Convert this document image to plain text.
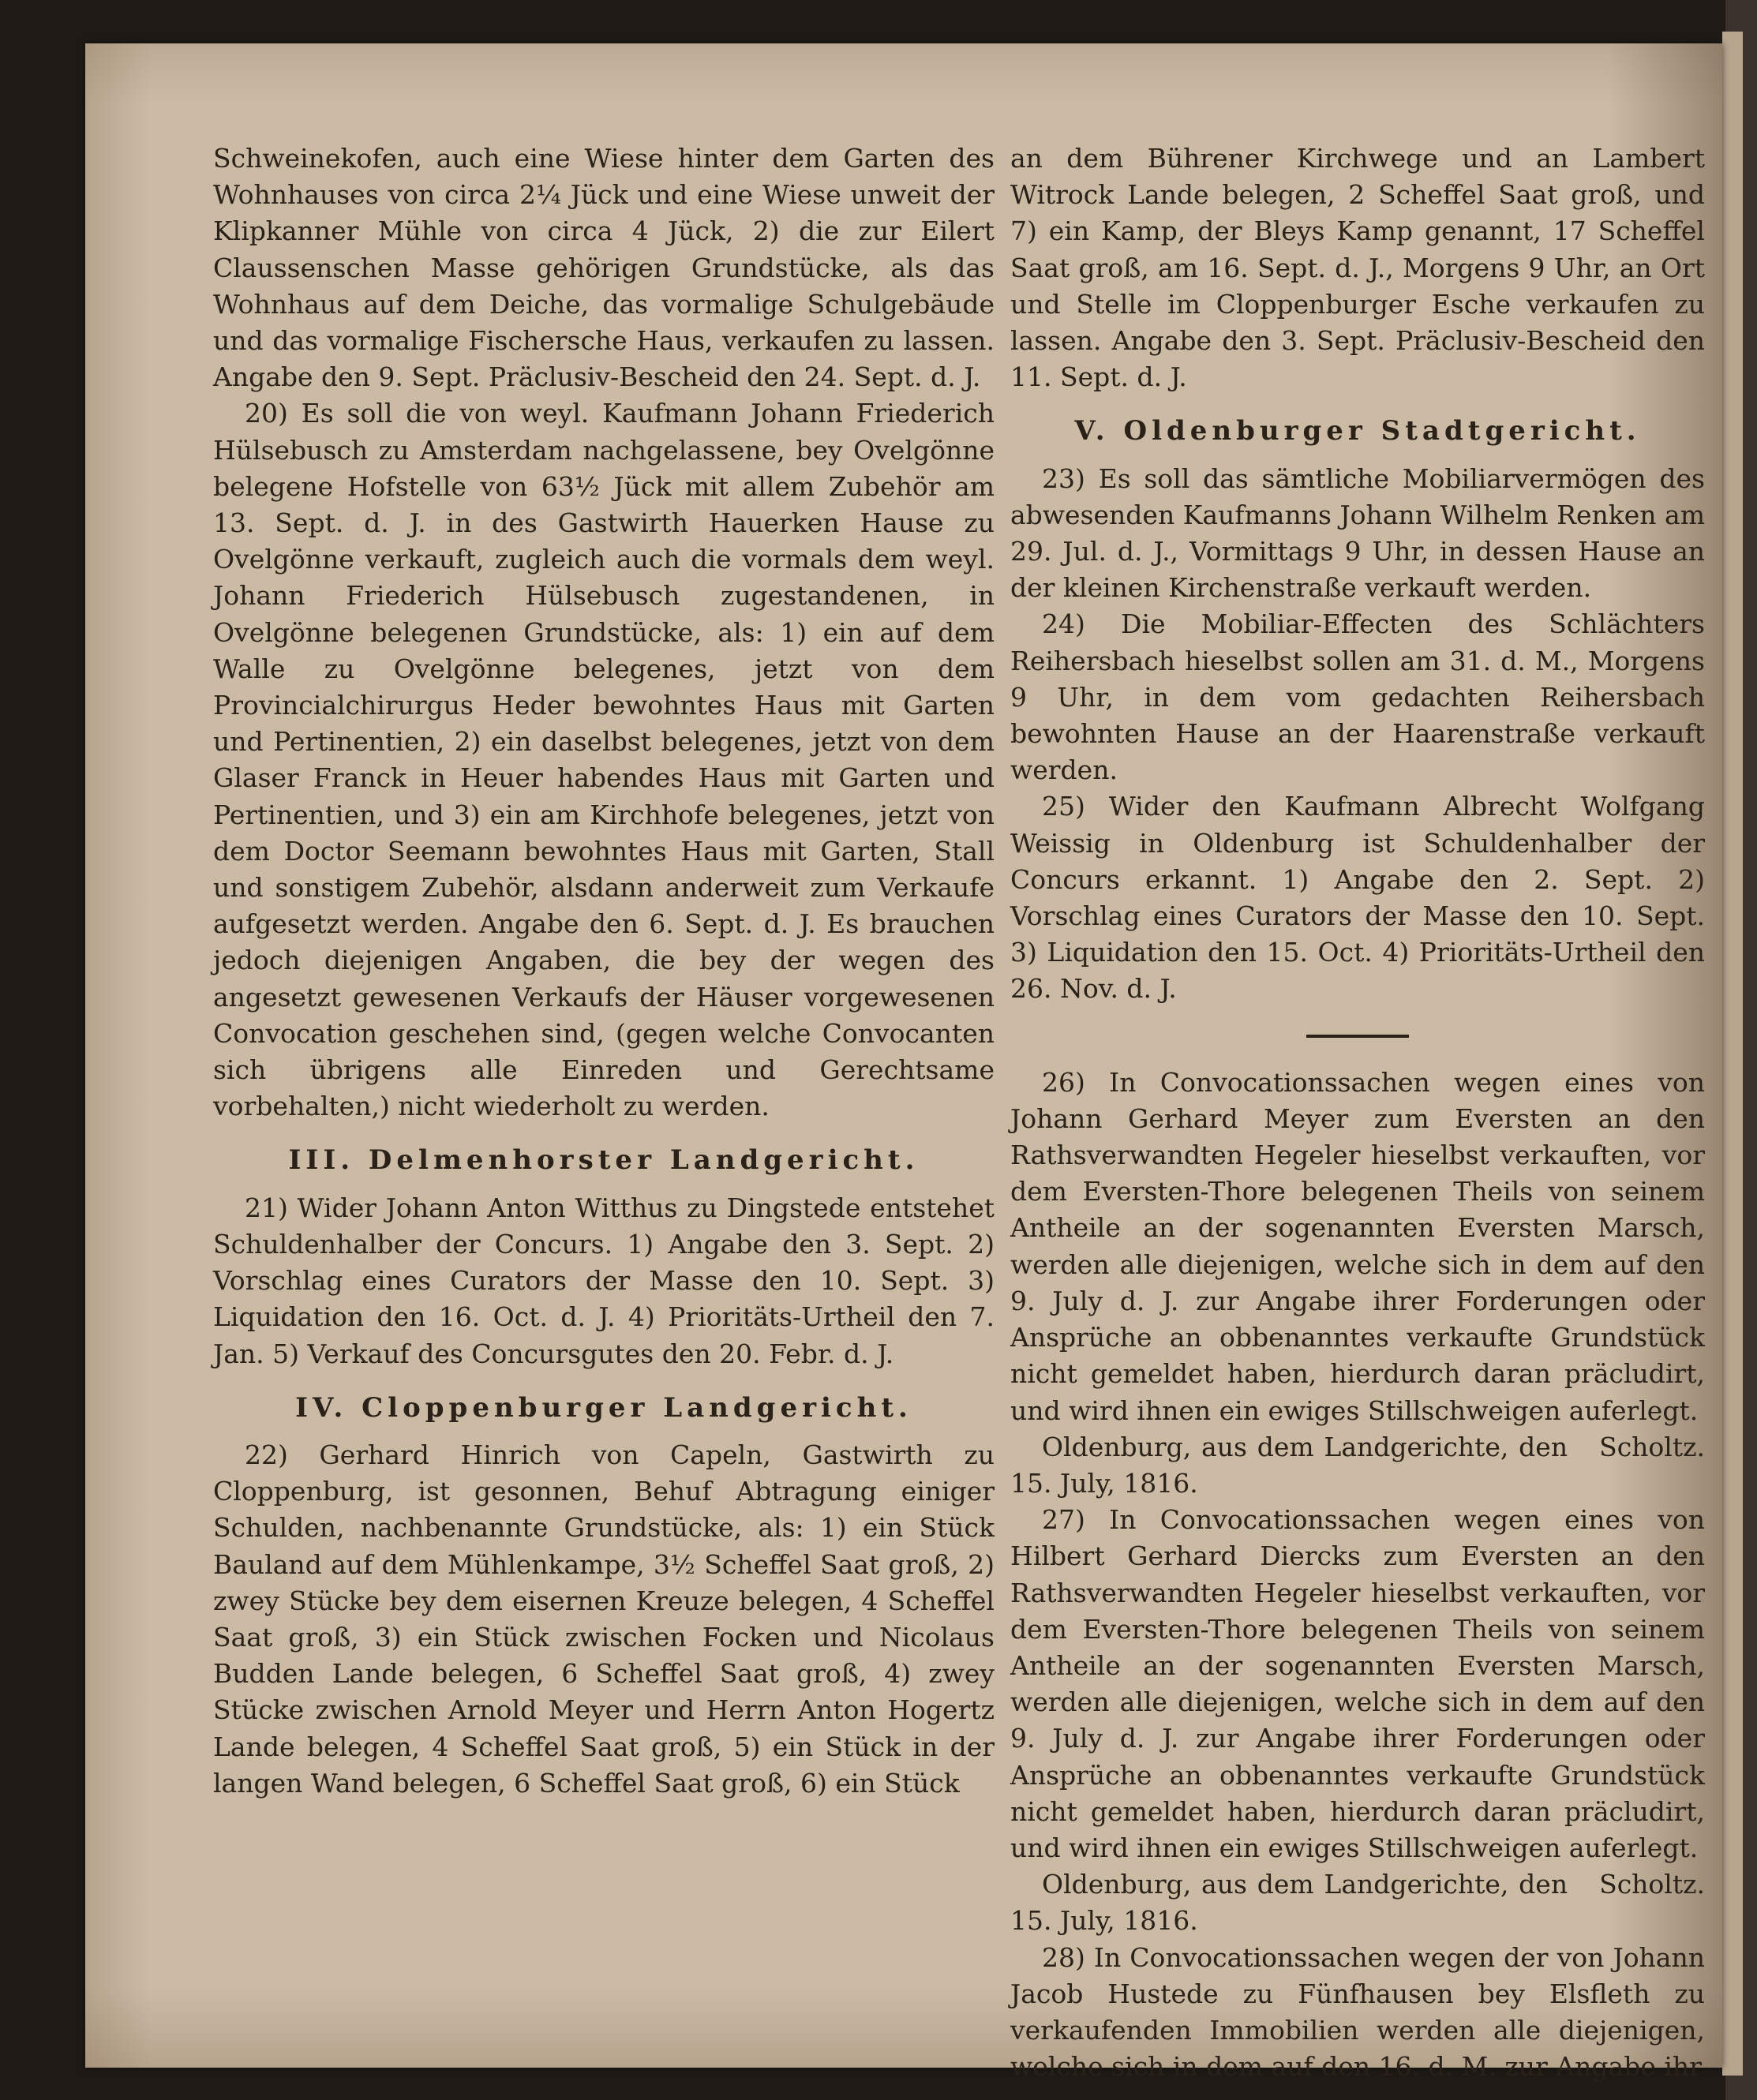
Schweinekofen, auch eine Wiese hinter dem Garten des Wohnhauses von circa 2¼ Jück und eine Wiese unweit der Klipkanner Mühle von circa 4 Jück, 2) die zur Eilert Claussenschen Masse gehörigen Grundstücke, als das Wohnhaus auf dem Deiche, das vormalige Schulgebäude und das vormalige Fischersche Haus, verkaufen zu lassen. Angabe den 9. Sept. Präclusiv-Bescheid den 24. Sept. d. J.

20) Es soll die von weyl. Kaufmann Johann Friederich Hülsebusch zu Amsterdam nachgelassene, bey Ovelgönne belegene Hofstelle von 63½ Jück mit allem Zubehör am 13. Sept. d. J. in des Gastwirth Hauerken Hause zu Ovelgönne verkauft, zugleich auch die vormals dem weyl. Johann Friederich Hülsebusch zugestandenen, in Ovelgönne belegenen Grundstücke, als: 1) ein auf dem Walle zu Ovelgönne belegenes, jetzt von dem Provincialchirurgus Heder bewohntes Haus mit Garten und Pertinentien, 2) ein daselbst belegenes, jetzt von dem Glaser Franck in Heuer habendes Haus mit Garten und Pertinentien, und 3) ein am Kirchhofe belegenes, jetzt von dem Doctor Seemann bewohntes Haus mit Garten, Stall und sonstigem Zubehör, alsdann anderweit zum Verkaufe aufgesetzt werden. Angabe den 6. Sept. d. J. Es brauchen jedoch diejenigen Angaben, die bey der wegen des angesetzt gewesenen Verkaufs der Häuser vorgewesenen Convocation geschehen sind, (gegen welche Convocanten sich übrigens alle Einreden und Gerechtsame vorbehalten,) nicht wiederholt zu werden.

III. Delmenhorster Landgericht.

21) Wider Johann Anton Witthus zu Dingstede entstehet Schuldenhalber der Concurs. 1) Angabe den 3. Sept. 2) Vorschlag eines Curators der Masse den 10. Sept. 3) Liquidation den 16. Oct. d. J. 4) Prioritäts-Urtheil den 7. Jan. 5) Verkauf des Concursgutes den 20. Febr. d. J.

IV. Cloppenburger Landgericht.

22) Gerhard Hinrich von Capeln, Gastwirth zu Cloppenburg, ist gesonnen, Behuf Abtragung einiger Schulden, nachbenannte Grundstücke, als: 1) ein Stück Bauland auf dem Mühlenkampe, 3½ Scheffel Saat groß, 2) zwey Stücke bey dem eisernen Kreuze belegen, 4 Scheffel Saat groß, 3) ein Stück zwischen Focken und Nicolaus Budden Lande belegen, 6 Scheffel Saat groß, 4) zwey Stücke zwischen Arnold Meyer und Herrn Anton Hogertz Lande belegen, 4 Scheffel Saat groß, 5) ein Stück in der langen Wand belegen, 6 Scheffel Saat groß, 6) ein Stück

an dem Bührener Kirchwege und an Lambert Witrock Lande belegen, 2 Scheffel Saat groß, und 7) ein Kamp, der Bleys Kamp genannt, 17 Scheffel Saat groß, am 16. Sept. d. J., Morgens 9 Uhr, an Ort und Stelle im Cloppenburger Esche verkaufen zu lassen. Angabe den 3. Sept. Präclusiv-Bescheid den 11. Sept. d. J.

V. Oldenburger Stadtgericht.

23) Es soll das sämtliche Mobiliarvermögen des abwesenden Kaufmanns Johann Wilhelm Renken am 29. Jul. d. J., Vormittags 9 Uhr, in dessen Hause an der kleinen Kirchenstraße verkauft werden.

24) Die Mobiliar-Effecten des Schlächters Reihersbach hieselbst sollen am 31. d. M., Morgens 9 Uhr, in dem vom gedachten Reihersbach bewohnten Hause an der Haarenstraße verkauft werden.

25) Wider den Kaufmann Albrecht Wolfgang Weissig in Oldenburg ist Schuldenhalber der Concurs erkannt. 1) Angabe den 2. Sept. 2) Vorschlag eines Curators der Masse den 10. Sept. 3) Liquidation den 15. Oct. 4) Prioritäts-Urtheil den 26. Nov. d. J.

26) In Convocationssachen wegen eines von Johann Gerhard Meyer zum Eversten an den Rathsverwandten Hegeler hieselbst verkauften, vor dem Eversten-Thore belegenen Theils von seinem Antheile an der sogenannten Eversten Marsch, werden alle diejenigen, welche sich in dem auf den 9. July d. J. zur Angabe ihrer Forderungen oder Ansprüche an obbenanntes verkaufte Grundstück nicht gemeldet haben, hierdurch daran präcludirt, und wird ihnen ein ewiges Stillschweigen auferlegt.

Oldenburg, aus dem Landgerichte, den 15. July, 1816.
Scholtz.

27) In Convocationssachen wegen eines von Hilbert Gerhard Diercks zum Eversten an den Rathsverwandten Hegeler hieselbst verkauften, vor dem Eversten-Thore belegenen Theils von seinem Antheile an der sogenannten Eversten Marsch, werden alle diejenigen, welche sich in dem auf den 9. July d. J. zur Angabe ihrer Forderungen oder Ansprüche an obbenanntes verkaufte Grundstück nicht gemeldet haben, hierdurch daran präcludirt, und wird ihnen ein ewiges Stillschweigen auferlegt.

Oldenburg, aus dem Landgerichte, den 15. July, 1816.
Scholtz.

28) In Convocationssachen wegen der von Johann Jacob Hustede zu Fünfhausen bey Elsfleth zu verkaufenden Immobilien werden alle diejenigen, welche sich in dem auf den 16. d. M. zur Angabe ihr
